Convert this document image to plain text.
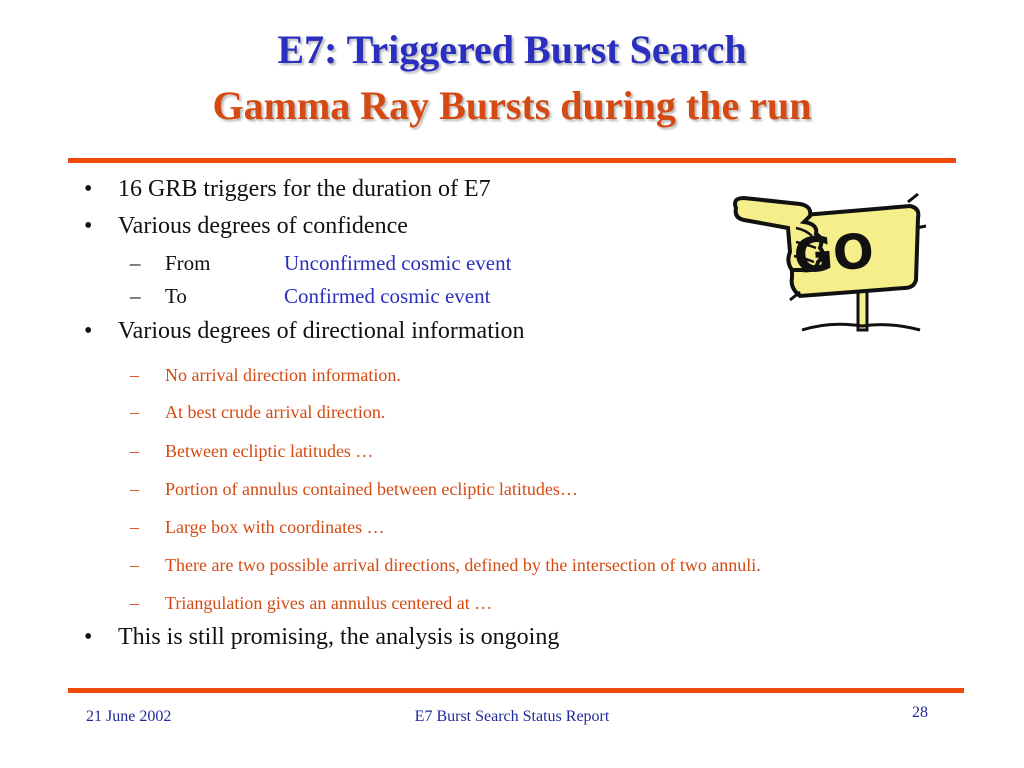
E7: Triggered Burst Search
Gamma Ray Bursts during the run
• 16 GRB triggers for the duration of E7
• Various degrees of confidence
– From	Unconfirmed cosmic event
– To	Confirmed cosmic event
• Various degrees of directional information
– No arrival direction information.
– At best crude arrival direction.
– Between ecliptic latitudes …
– Portion of annulus contained between ecliptic latitudes…
– Large box with coordinates …
– There are two possible arrival directions, defined by the intersection of two annuli.
– Triangulation gives an annulus centered at …
• This is still promising, the analysis is ongoing
GO
21 June 2002	E7 Burst Search Status Report	28
